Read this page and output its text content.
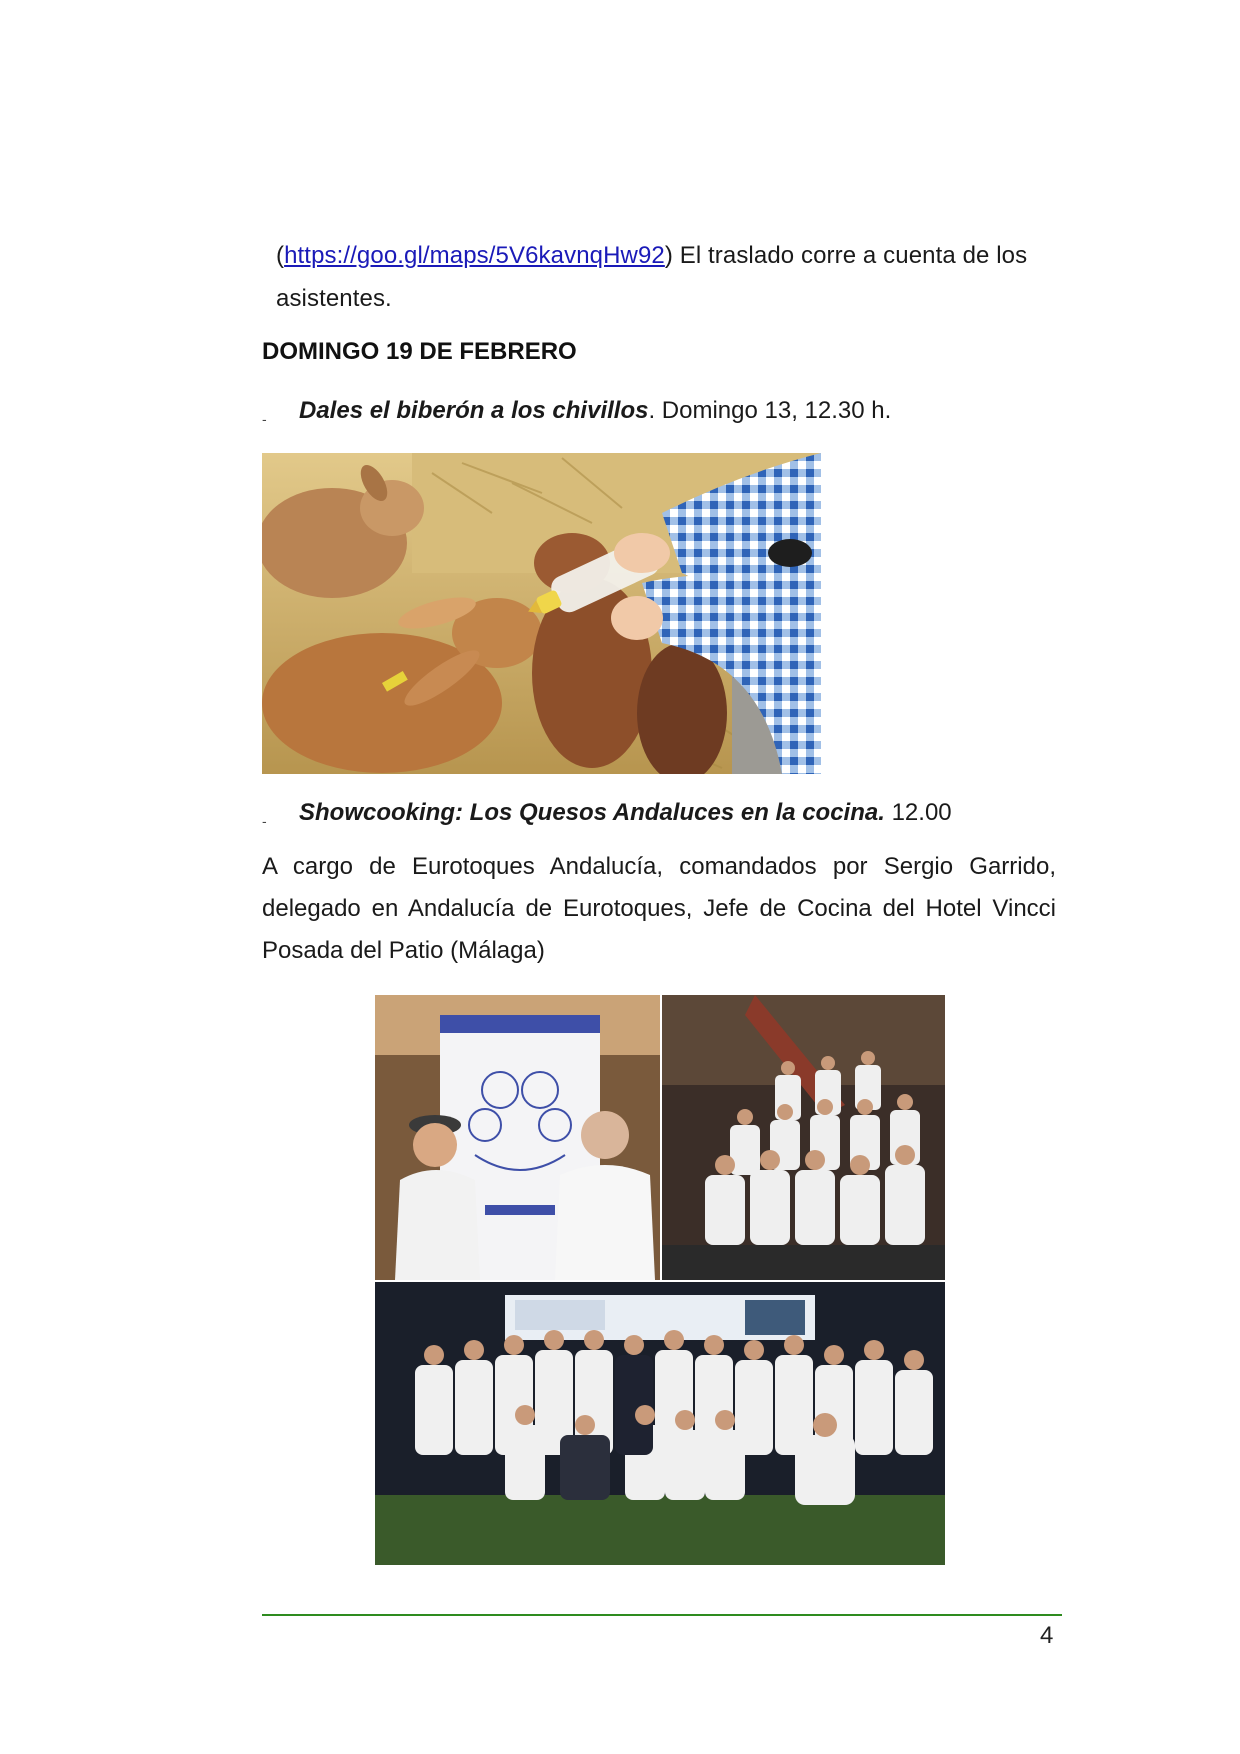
(https://goo.gl/maps/5V6kavnqHw92) El traslado corre a cuenta de los
asistentes.
DOMINGO 19 DE FEBRERO
- Dales el biberón a los chivillos. Domingo 13, 12.30 h.
- Showcooking: Los Quesos Andaluces en la cocina. 12.00
A cargo de Eurotoques Andalucía, comandados por Sergio Garrido,
delegado en Andalucía de Eurotoques, Jefe de Cocina del Hotel Vincci
Posada del Patio (Málaga)
4
